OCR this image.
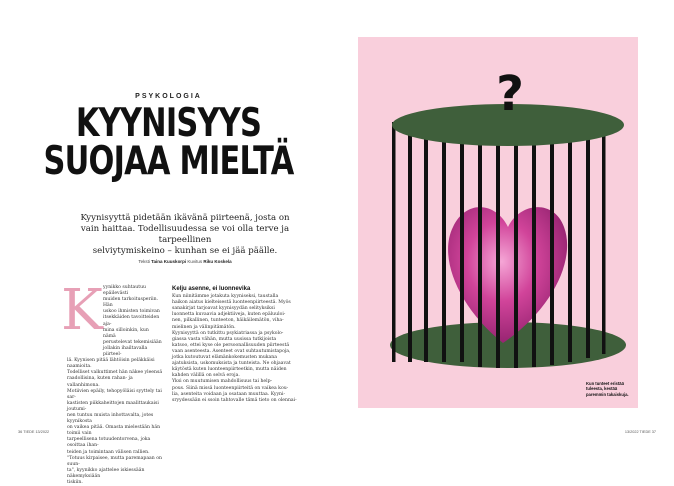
PSYKOLOGIA
KYYNISYYS
SUOJAA MIELTÄ
Kyynisyyttä pidetään ikävänä piirteenä, josta on
vain haittaa. Todellisuudessa se voi olla terve ja tarpeellinen
selviytymiskeino – kunhan se ei jää päälle.
Teksti Taina Kuuskorpi Kuvitus Riku Koskela
K yynikko suhtautuu epäilevästi

muiden tarkoitusperiin. Hän

uskoo ihmisten toimivan

itsekkäiden tavoitteiden aja-

mina silloinkin, kun nämä

perustelevat tekemisiään

jollakin ihailtavalla piirteel-

lä. Kyynisen pitää lähtöisin peläkkäisi naamioita.

Todelliset valkuttimet hän näkee yleensä

raadollisina, kuten rahan- ja vallanhimona.

Motiivien epäily, tehopyöläisi syyttely tai sar-

kastisten piikkaheittojen maalittaukaisi joutumi-

nen tuntuu muista inhottavalta, jotes kyynikosta

on vaikea pitää. Omasta mielestään hän toimii vain

tarpeellisena totuudentorvena, joka osoittaa ihan-

teiden ja toimintaan välisen rallien.

"Totuus kirpaisee, mutta paremapaan on suun-

ta", kyynikko ajattelee iskiessään näkemyksiään

tiskiin.

Kelju asenne, ei luonnevika

Kun niinitämme jotakuta kyyniseksi, taustalla

haikon aiatus kielteisestä luonteenpiirteestä. Myös

sanakirjat tarjoavat kyynisyydän selityksiksi

luonnetta kuvaavia adjektiiveja, kuten epäluuloi-

nen, pilkallinen, tunteeton, häikäilemätön, viha-

mielinen ja välinpitämätön.

Kyynisyyttä on tutkittu psykiatriassa ja psykolo-

giassa vasta vähän, mutta uusissa tutkijoista

katsoo, ettei kyse ole persoonallisuuden piirteestä

vaan asenteesta. Asenteet ovat suhtautumistapoja,

jotka kutoutuvat elämänkokemusten mukana

ajatuksista, uskomuksista ja tunteista. Ne ohjaavat

käytöstä kuten luonteenpiirteetkin, mutta näiden

kahden välillä on selvä eroja.

Yksi on muutumisen mahdollisuus tai help-

pous. Siinä missä luonteenpiirteitä on vaikea kou-

lia, asenteita voidaan ja osataan muuttaa. Kyyni-

sryydessään ei ssoin tahtovalle tämä tieto on olennai-

36 TIEDE 13/2022	13/2022 TIEDE 37
?
Kun tunteet eristää
tuleesta, kestää
paremmin takaiskuja.
